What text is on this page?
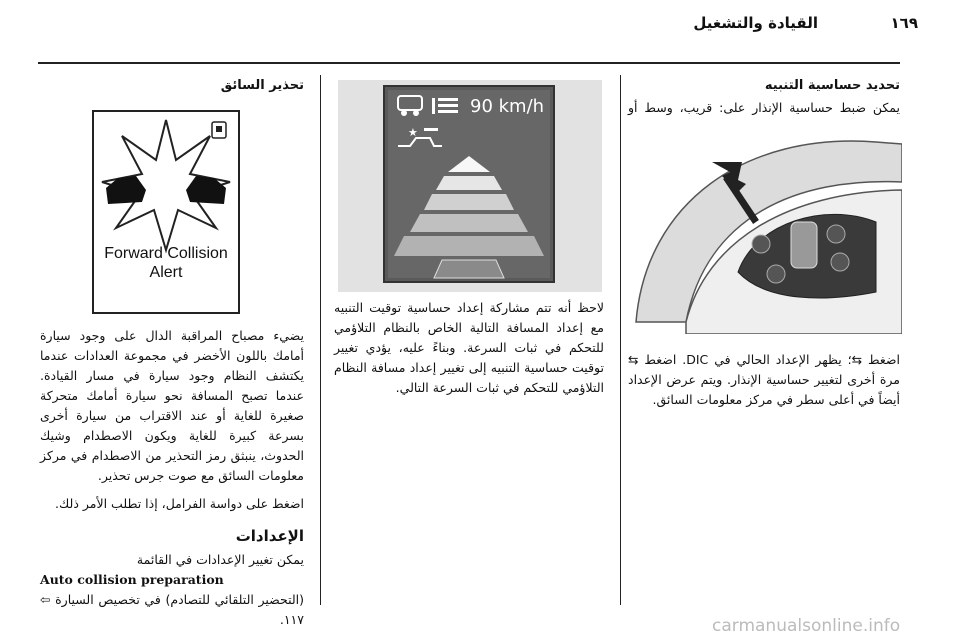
١٦٩
القيادة والتشغيل
تحديد حساسية التنبيه

يمكن ضبط حساسية الإنذار على: قريب، وسط أو

اضغط ⇆؛ يظهر الإعداد الحالي في DIC. اضغط ⇆ مرة أخرى لتغيير حساسية الإنذار. ويتم عرض الإعداد أيضاً في أعلى سطر في مركز معلومات السائق.

90 km/h
★

لاحظ أنه تتم مشاركة إعداد حساسية توقيت التنبيه مع إعداد المسافة التالية الخاص بالنظام التلاؤمي للتحكم في ثبات السرعة. وبناءً عليه، يؤدي تغيير توقيت حساسية التنبيه إلى تغيير إعداد مسافة النظام التلاؤمي للتحكم في ثبات السرعة التالي.

تحذير السائق
Forward Collision Alert

يضيء مصباح المراقبة الدال على وجود سيارة أمامك باللون الأخضر في مجموعة العدادات عندما يكتشف النظام وجود سيارة في مسار القيادة. عندما تصبح المسافة نحو سيارة أمامك متحركة صغيرة للغاية أو عند الاقتراب من سيارة أخرى بسرعة كبيرة للغاية ويكون الاصطدام وشيك الحدوث، ينبثق رمز التحذير من الاصطدام في مركز معلومات السائق مع صوت جرس تحذير.

اضغط على دواسة الفرامل، إذا تطلب الأمر ذلك.

الإعدادات

يمكن تغيير الإعدادات في القائمة

Auto collision preparation

(التحضير التلقائي للتصادم) في تخصيص السيارة ⇦ ١١٧.	carmanualsonline.info
